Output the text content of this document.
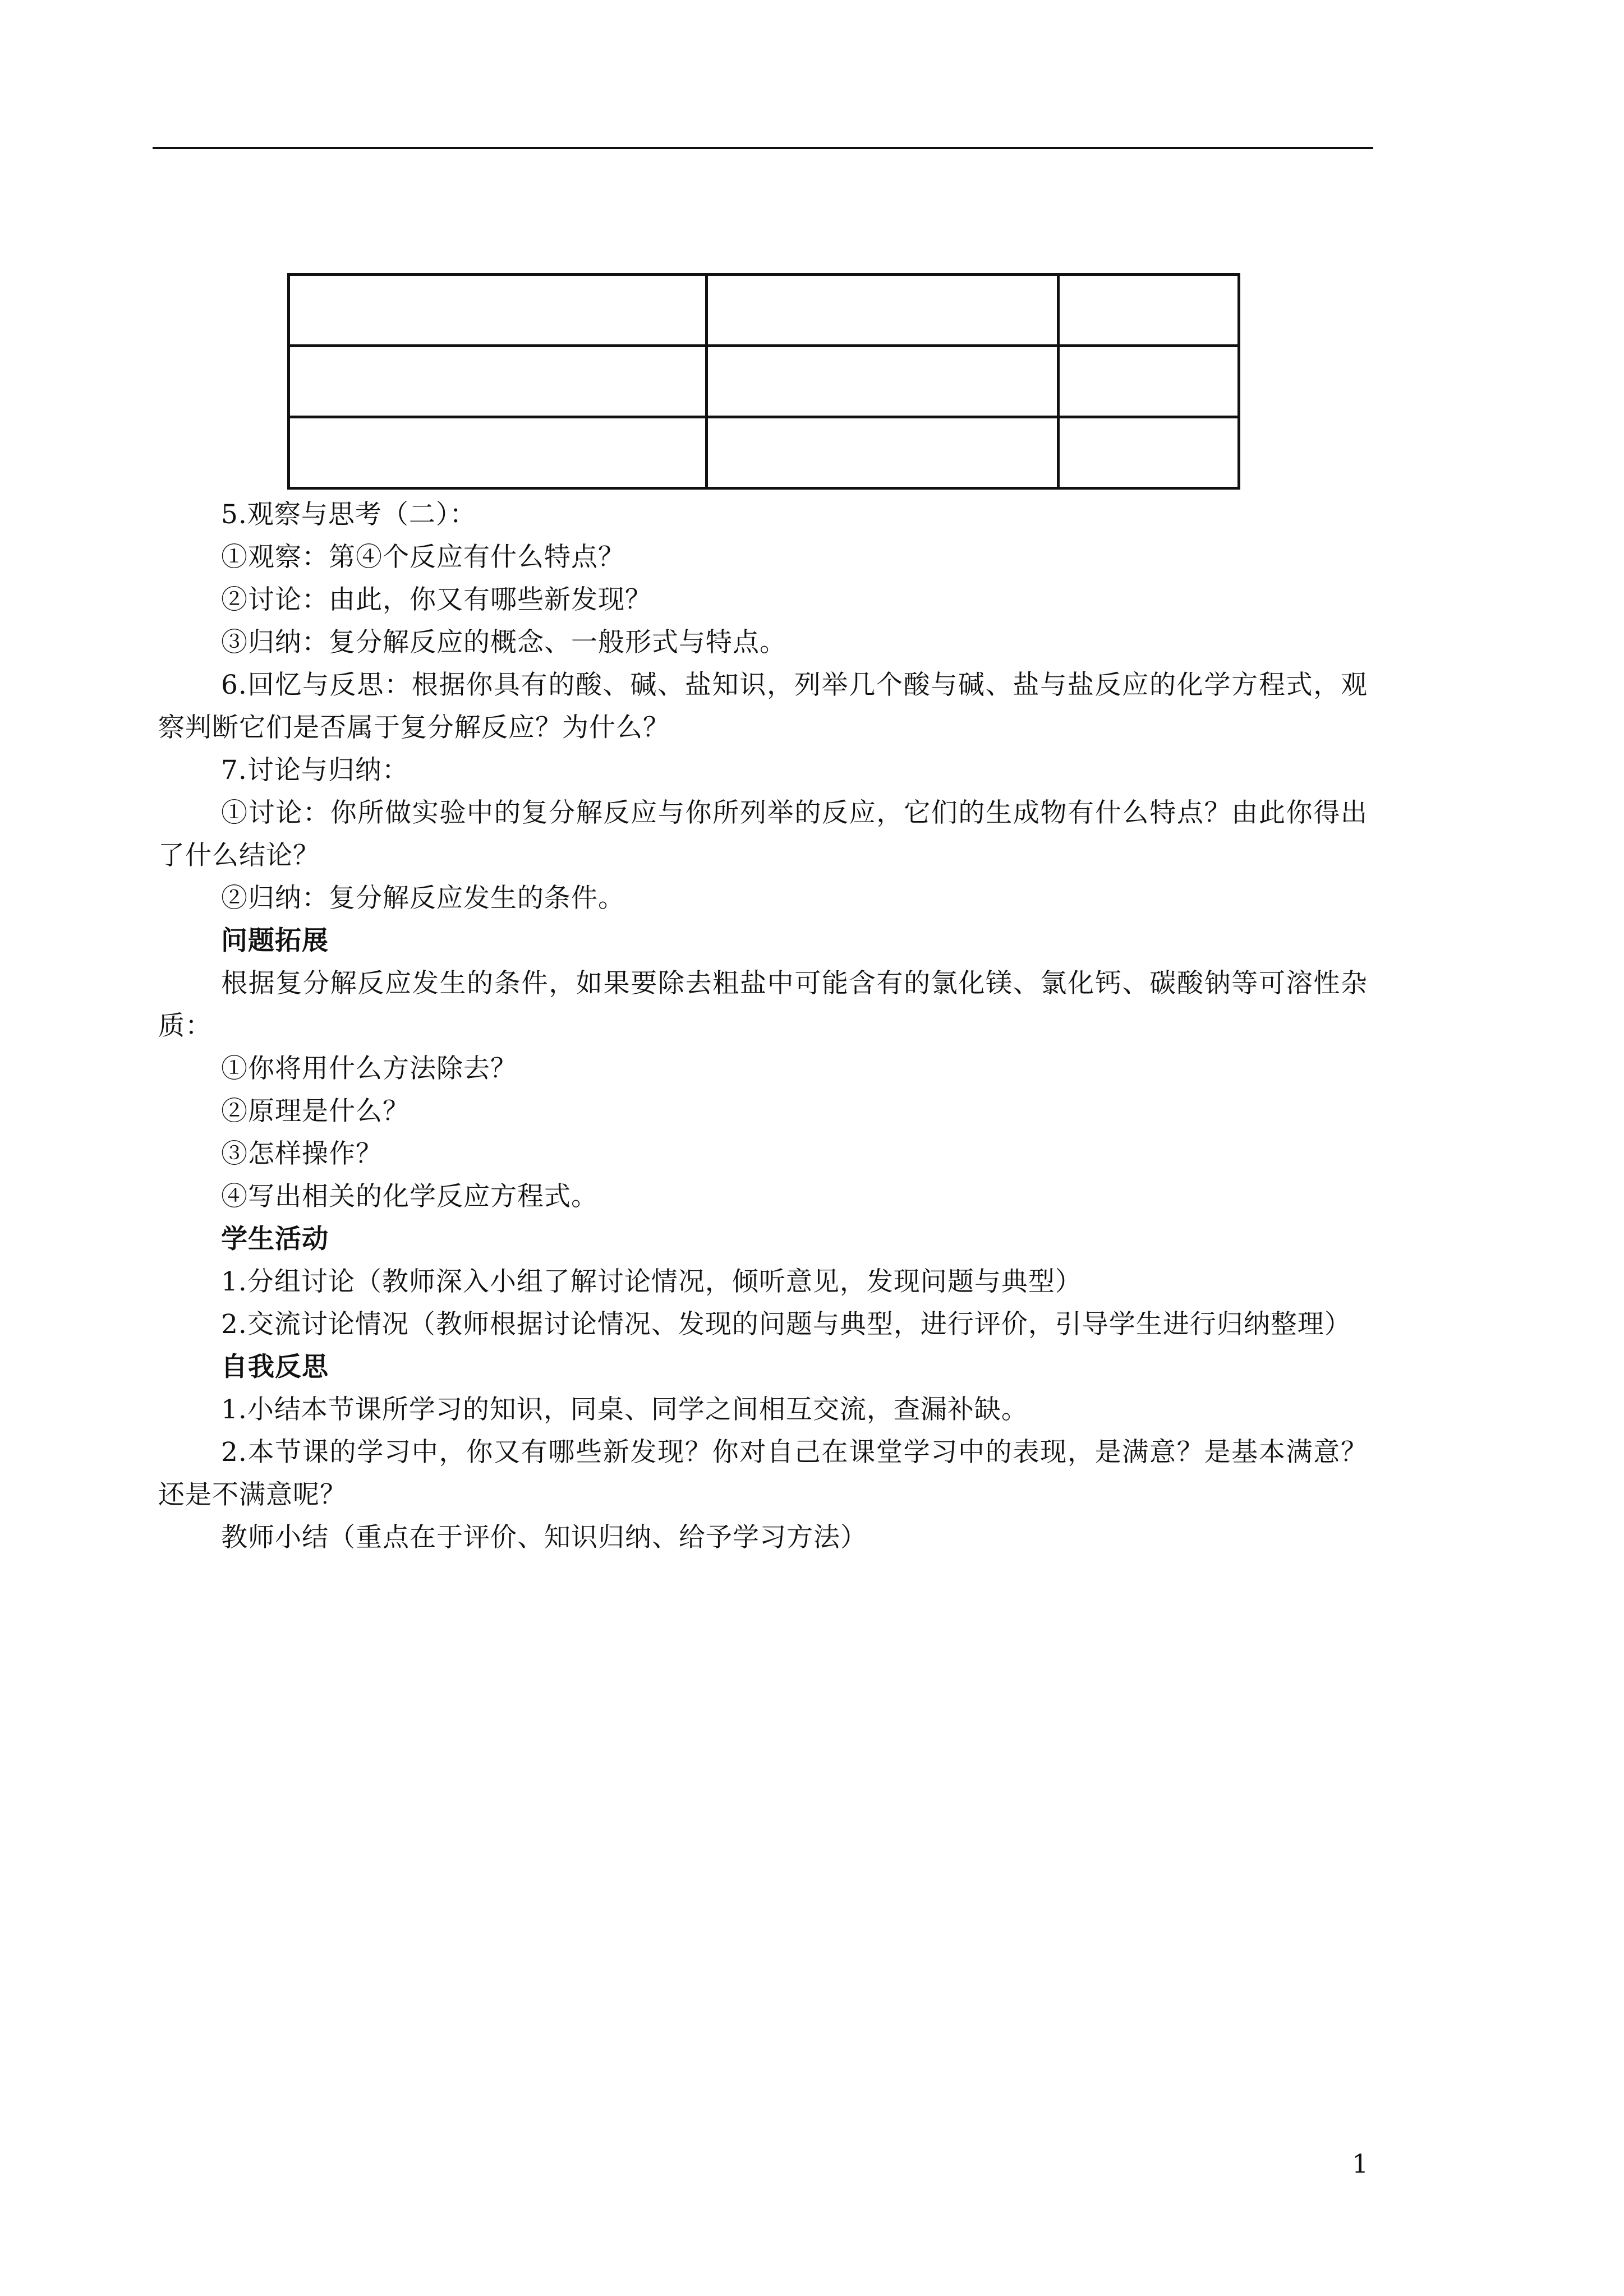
5.观察与思考（二）：

①观察：第④个反应有什么特点？

②讨论：由此，你又有哪些新发现？

③归纳：复分解反应的概念、一般形式与特点。

6.回忆与反思：根据你具有的酸、碱、盐知识，列举几个酸与碱、盐与盐反应的化学方程式，观察判断它们是否属于复分解反应？为什么？

7.讨论与归纳：

①讨论：你所做实验中的复分解反应与你所列举的反应，它们的生成物有什么特点？由此你得出了什么结论？

②归纳：复分解反应发生的条件。

问题拓展

根据复分解反应发生的条件，如果要除去粗盐中可能含有的氯化镁、氯化钙、碳酸钠等可溶性杂质：

①你将用什么方法除去？

②原理是什么？

③怎样操作？

④写出相关的化学反应方程式。

学生活动

1.分组讨论（教师深入小组了解讨论情况，倾听意见，发现问题与典型）

2.交流讨论情况（教师根据讨论情况、发现的问题与典型，进行评价，引导学生进行归纳整理）

自我反思

1.小结本节课所学习的知识，同桌、同学之间相互交流，查漏补缺。

2.本节课的学习中，你又有哪些新发现？你对自己在课堂学习中的表现，是满意？是基本满意？还是不满意呢？

教师小结（重点在于评价、知识归纳、给予学习方法）

1
